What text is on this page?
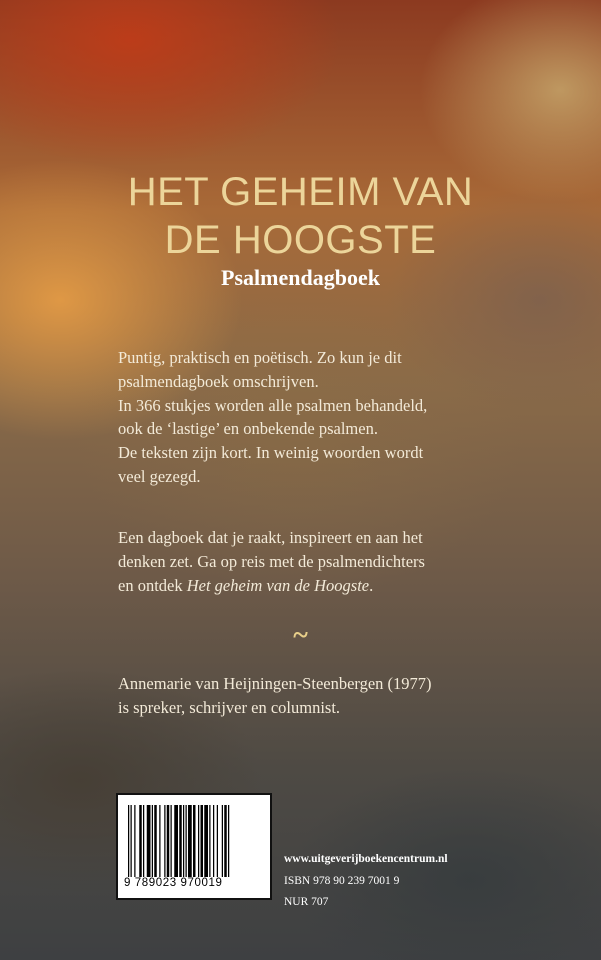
HET GEHEIM VAN
DE HOOGSTE
Psalmendagboek

Puntig, praktisch en poëtisch. Zo kun je dit

psalmendagboek omschrijven.

In 366 stukjes worden alle psalmen behandeld,

ook de ‘lastige’ en onbekende psalmen.

De teksten zijn kort. In weinig woorden wordt

veel gezegd.

Een dagboek dat je raakt, inspireert en aan het

denken zet. Ga op reis met de psalmendichters

en ontdek Het geheim van de Hoogste.

~

Annemarie van Heijningen-Steenbergen (1977)

is spreker, schrijver en columnist.

9 789023 970019
www.uitgeverijboekencentrum.nl
ISBN 978 90 239 7001 9
NUR 707
